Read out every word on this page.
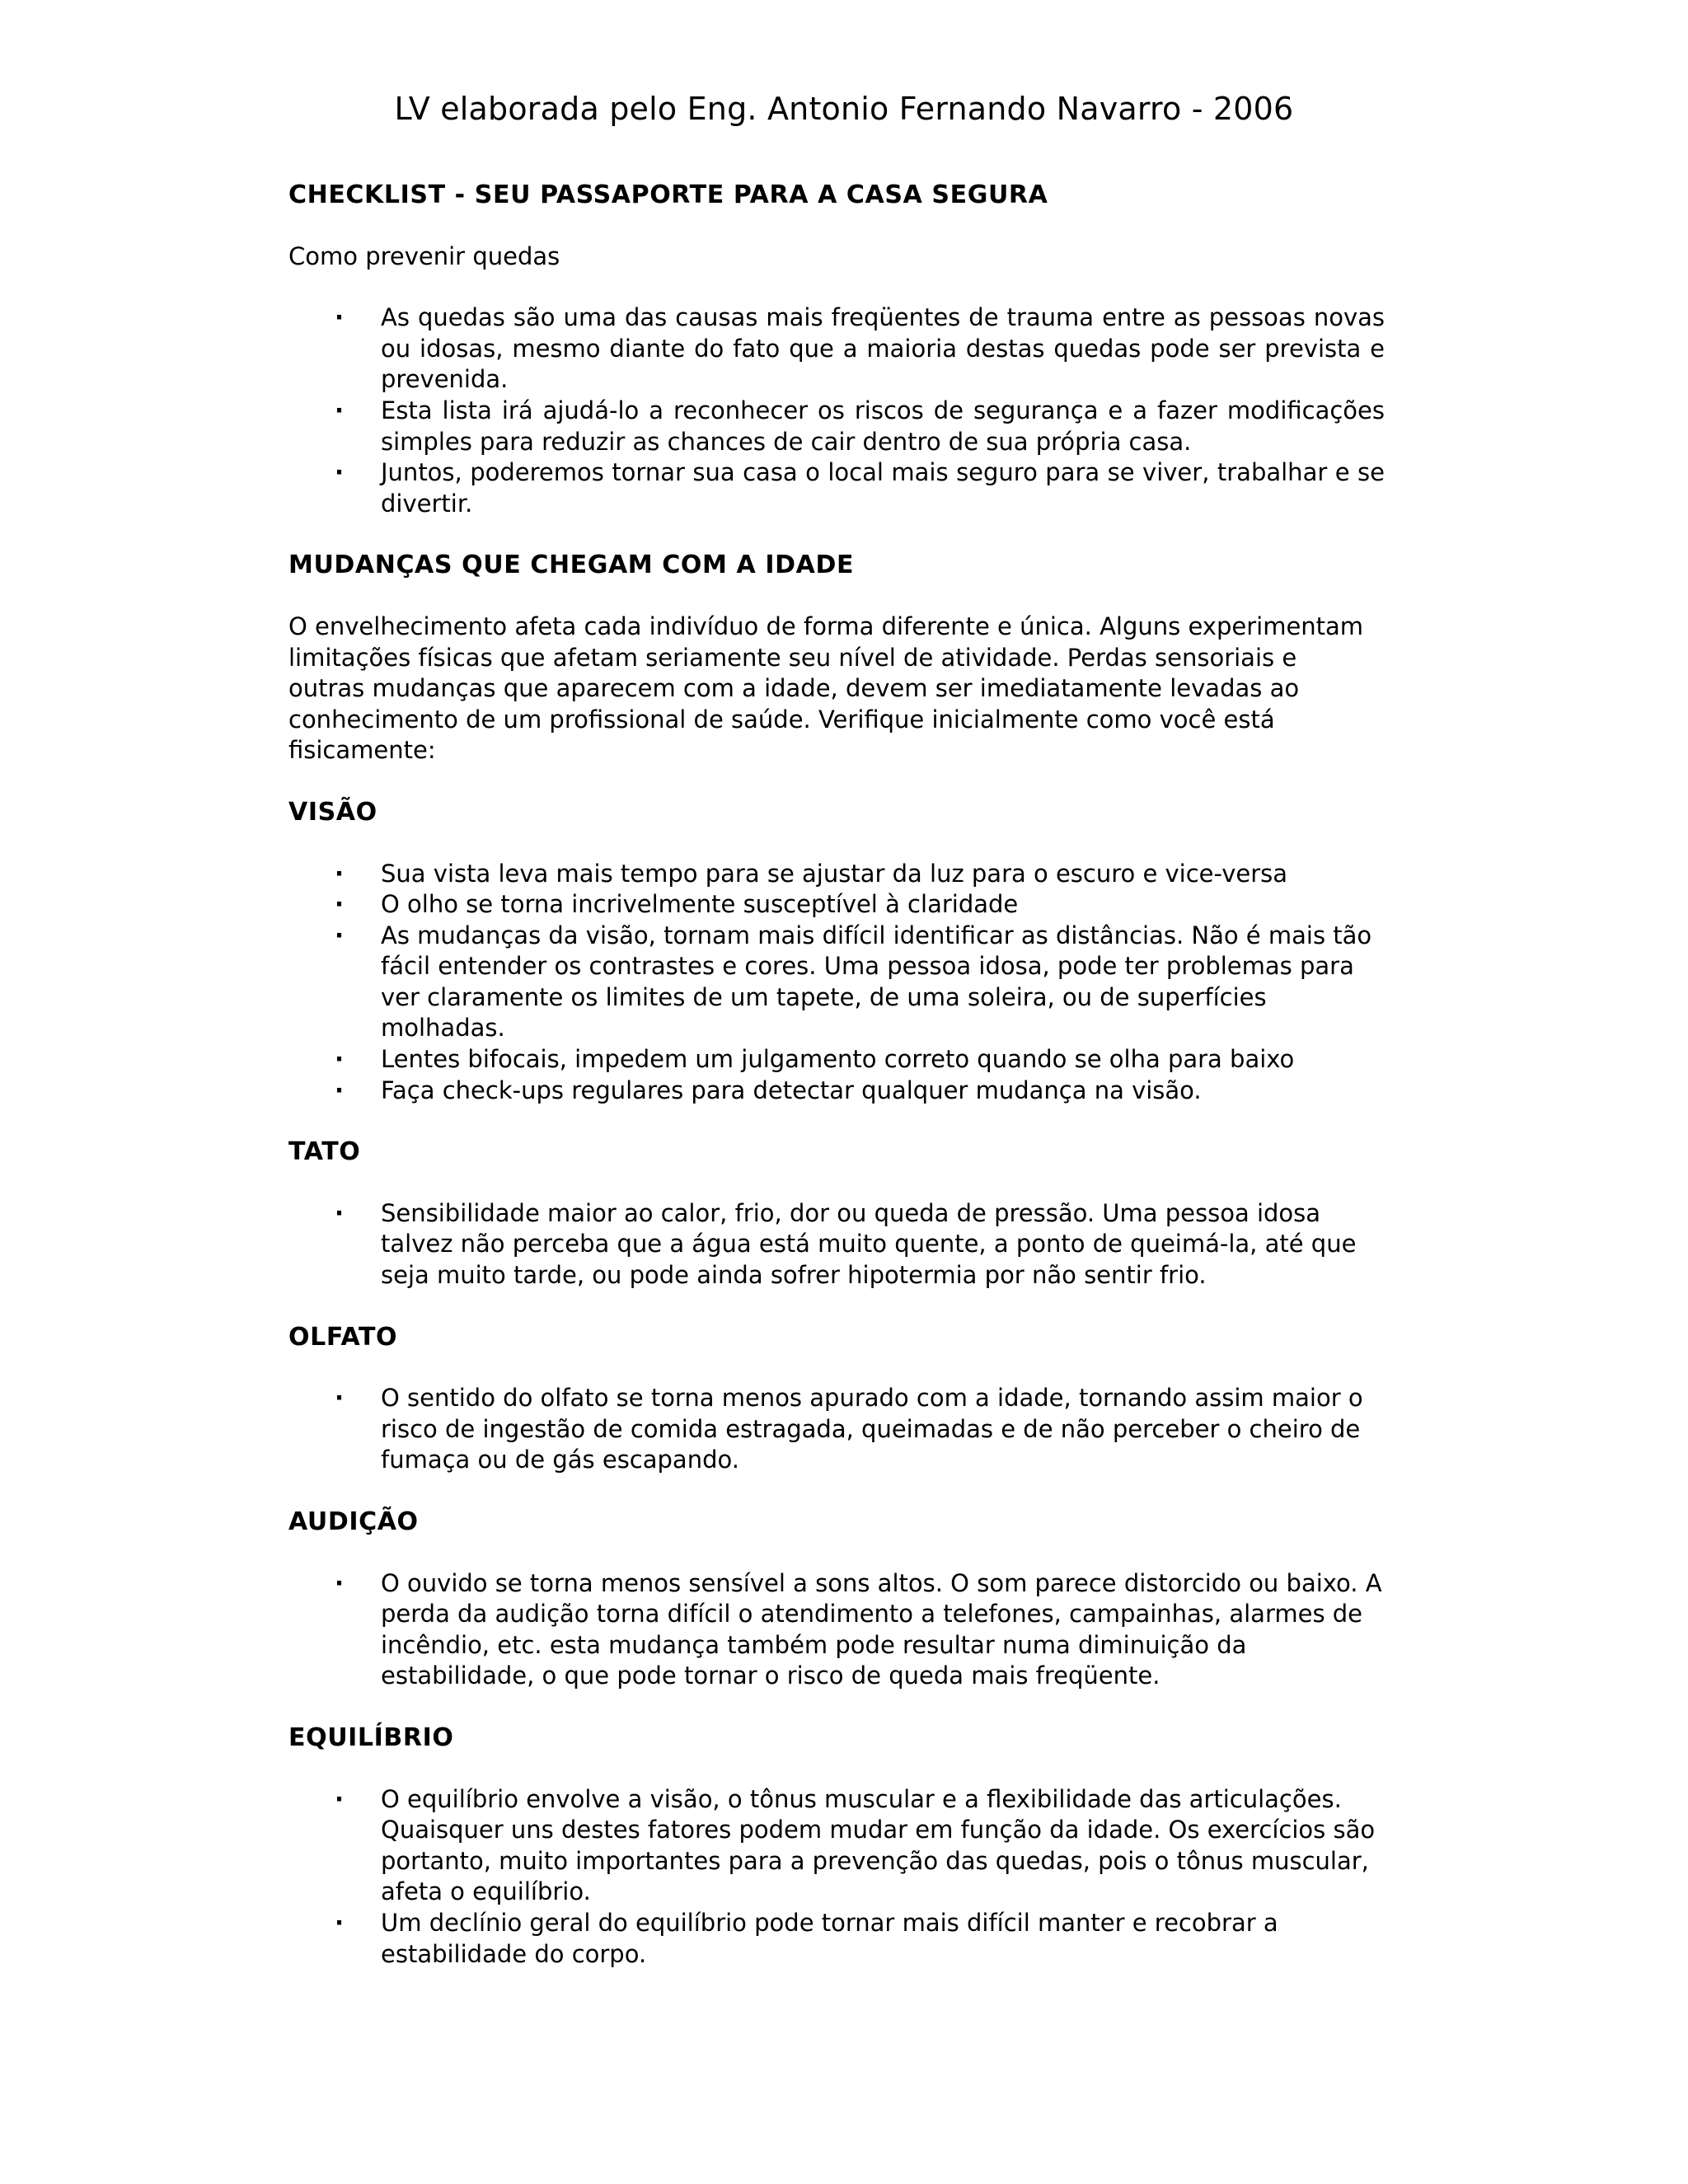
LV elaborada pelo Eng. Antonio Fernando Navarro - 2006

CHECKLIST - SEU PASSAPORTE PARA A CASA SEGURA

Como prevenir quedas

· As quedas são uma das causas mais freqüentes de trauma entre as pessoas novas ou idosas, mesmo diante do fato que a maioria destas quedas pode ser prevista e prevenida.
· Esta lista irá ajudá-lo a reconhecer os riscos de segurança e a fazer modificações simples para reduzir as chances de cair dentro de sua própria casa.
· Juntos, poderemos tornar sua casa o local mais seguro para se viver, trabalhar e se divertir.

MUDANÇAS QUE CHEGAM COM A IDADE

O envelhecimento afeta cada indivíduo de forma diferente e única. Alguns experimentam limitações físicas que afetam seriamente seu nível de atividade. Perdas sensoriais e outras mudanças que aparecem com a idade, devem ser imediatamente levadas ao conhecimento de um profissional de saúde. Verifique inicialmente como você está fisicamente:

VISÃO

· Sua vista leva mais tempo para se ajustar da luz para o escuro e vice-versa
· O olho se torna incrivelmente susceptível à claridade
· As mudanças da visão, tornam mais difícil identificar as distâncias. Não é mais tão fácil entender os contrastes e cores. Uma pessoa idosa, pode ter problemas para ver claramente os limites de um tapete, de uma soleira, ou de superfícies molhadas.
· Lentes bifocais, impedem um julgamento correto quando se olha para baixo
· Faça check-ups regulares para detectar qualquer mudança na visão.

TATO

· Sensibilidade maior ao calor, frio, dor ou queda de pressão. Uma pessoa idosa talvez não perceba que a água está muito quente, a ponto de queimá-la, até que seja muito tarde, ou pode ainda sofrer hipotermia por não sentir frio.

OLFATO

· O sentido do olfato se torna menos apurado com a idade, tornando assim maior o risco de ingestão de comida estragada, queimadas e de não perceber o cheiro de fumaça ou de gás escapando.

AUDIÇÃO

· O ouvido se torna menos sensível a sons altos. O som parece distorcido ou baixo. A perda da audição torna difícil o atendimento a telefones, campainhas, alarmes de incêndio, etc. esta mudança também pode resultar numa diminuição da estabilidade, o que pode tornar o risco de queda mais freqüente.

EQUILÍBRIO

· O equilíbrio envolve a visão, o tônus muscular e a flexibilidade das articulações. Quaisquer uns destes fatores podem mudar em função da idade. Os exercícios são portanto, muito importantes para a prevenção das quedas, pois o tônus muscular, afeta o equilíbrio.
· Um declínio geral do equilíbrio pode tornar mais difícil manter e recobrar a estabilidade do corpo.
